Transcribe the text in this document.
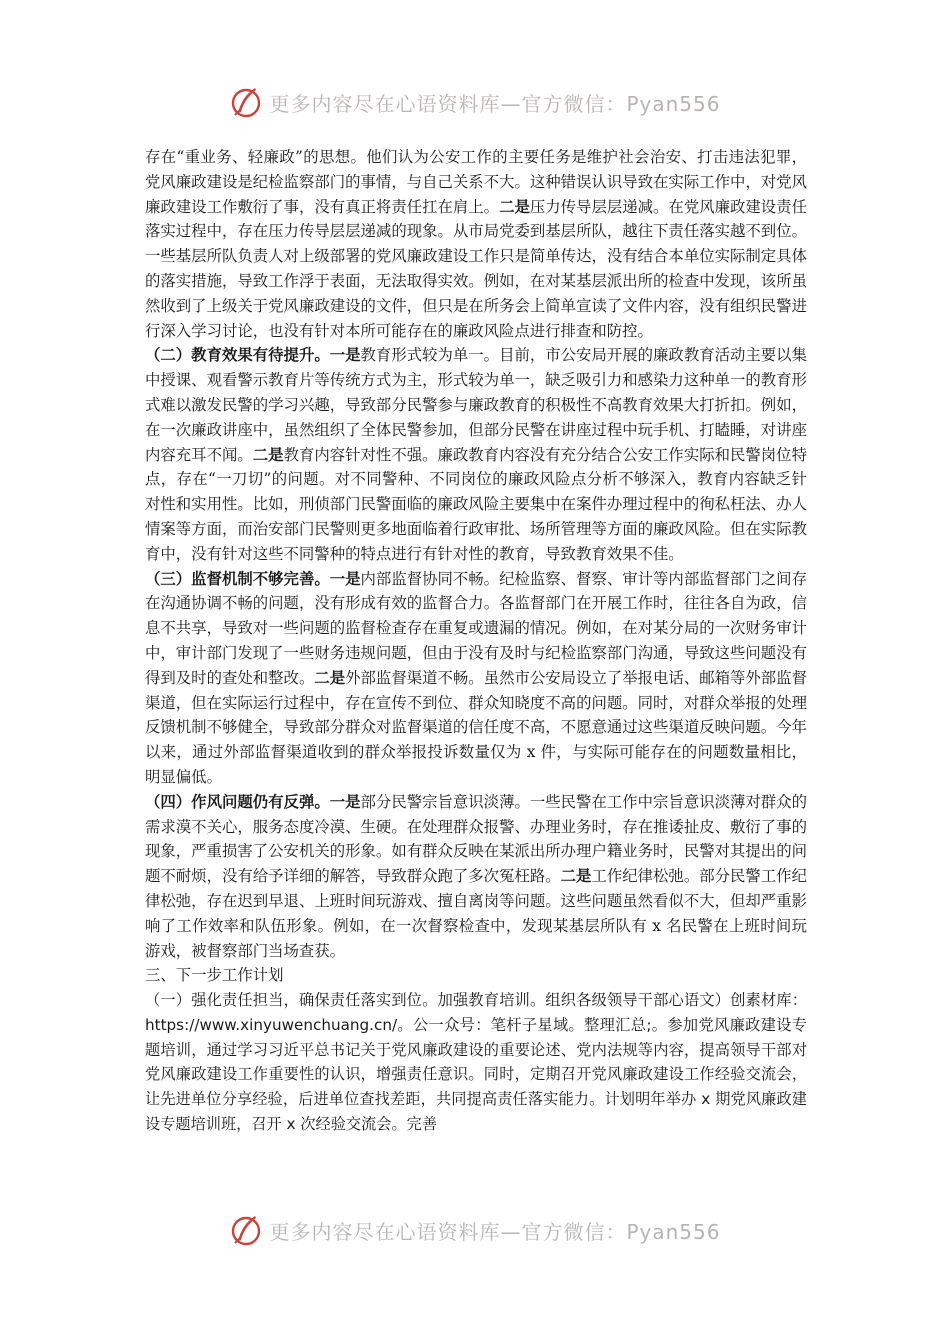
更多内容尽在心语资料库—官方微信：Pyan556

存在“重业务、轻廉政”的思想。他们认为公安工作的主要任务是维护社会治安、打击违法犯罪，党风廉政建设是纪检监察部门的事情，与自己关系不大。这种错误认识导致在实际工作中，对党风廉政建设工作敷衍了事，没有真正将责任扛在肩上。二是压力传导层层递减。在党风廉政建设责任落实过程中，存在压力传导层层递减的现象。从市局党委到基层所队，越往下责任落实越不到位。一些基层所队负责人对上级部署的党风廉政建设工作只是简单传达，没有结合本单位实际制定具体的落实措施，导致工作浮于表面，无法取得实效。例如，在对某基层派出所的检查中发现，该所虽然收到了上级关于党风廉政建设的文件，但只是在所务会上简单宣读了文件内容，没有组织民警进行深入学习讨论，也没有针对本所可能存在的廉政风险点进行排查和防控。

（二）教育效果有待提升。一是教育形式较为单一。目前，市公安局开展的廉政教育活动主要以集中授课、观看警示教育片等传统方式为主，形式较为单一，缺乏吸引力和感染力这种单一的教育形式难以激发民警的学习兴趣，导致部分民警参与廉政教育的积极性不高教育效果大打折扣。例如，在一次廉政讲座中，虽然组织了全体民警参加，但部分民警在讲座过程中玩手机、打瞌睡，对讲座内容充耳不闻。二是教育内容针对性不强。廉政教育内容没有充分结合公安工作实际和民警岗位特点，存在“一刀切”的问题。对不同警种、不同岗位的廉政风险点分析不够深入，教育内容缺乏针对性和实用性。比如，刑侦部门民警面临的廉政风险主要集中在案件办理过程中的徇私枉法、办人情案等方面，而治安部门民警则更多地面临着行政审批、场所管理等方面的廉政风险。但在实际教育中，没有针对这些不同警种的特点进行有针对性的教育，导致教育效果不佳。

（三）监督机制不够完善。一是内部监督协同不畅。纪检监察、督察、审计等内部监督部门之间存在沟通协调不畅的问题，没有形成有效的监督合力。各监督部门在开展工作时，往往各自为政，信息不共享，导致对一些问题的监督检查存在重复或遗漏的情况。例如，在对某分局的一次财务审计中，审计部门发现了一些财务违规问题，但由于没有及时与纪检监察部门沟通，导致这些问题没有得到及时的查处和整改。二是外部监督渠道不畅。虽然市公安局设立了举报电话、邮箱等外部监督渠道，但在实际运行过程中，存在宣传不到位、群众知晓度不高的问题。同时，对群众举报的处理反馈机制不够健全，导致部分群众对监督渠道的信任度不高，不愿意通过这些渠道反映问题。今年以来，通过外部监督渠道收到的群众举报投诉数量仅为 x 件，与实际可能存在的问题数量相比，明显偏低。

（四）作风问题仍有反弹。一是部分民警宗旨意识淡薄。一些民警在工作中宗旨意识淡薄对群众的需求漠不关心，服务态度冷漠、生硬。在处理群众报警、办理业务时，存在推诿扯皮、敷衍了事的现象，严重损害了公安机关的形象。如有群众反映在某派出所办理户籍业务时，民警对其提出的问题不耐烦，没有给予详细的解答，导致群众跑了多次冤枉路。二是工作纪律松弛。部分民警工作纪律松弛，存在迟到早退、上班时间玩游戏、擅自离岗等问题。这些问题虽然看似不大，但却严重影响了工作效率和队伍形象。例如，在一次督察检查中，发现某基层所队有 x 名民警在上班时间玩游戏，被督察部门当场查获。

三、下一步工作计划

（一）强化责任担当，确保责任落实到位。加强教育培训。组织各级领导干部心语文）创素材库：https://www.xinyuwenchuang.cn/。公一众号：笔杆子星域。整理汇总;。参加党风廉政建设专题培训，通过学习习近平总书记关于党风廉政建设的重要论述、党内法规等内容，提高领导干部对党风廉政建设工作重要性的认识，增强责任意识。同时，定期召开党风廉政建设工作经验交流会，让先进单位分享经验，后进单位查找差距，共同提高责任落实能力。计划明年举办 x 期党风廉政建设专题培训班，召开 x 次经验交流会。完善

更多内容尽在心语资料库—官方微信：Pyan556
